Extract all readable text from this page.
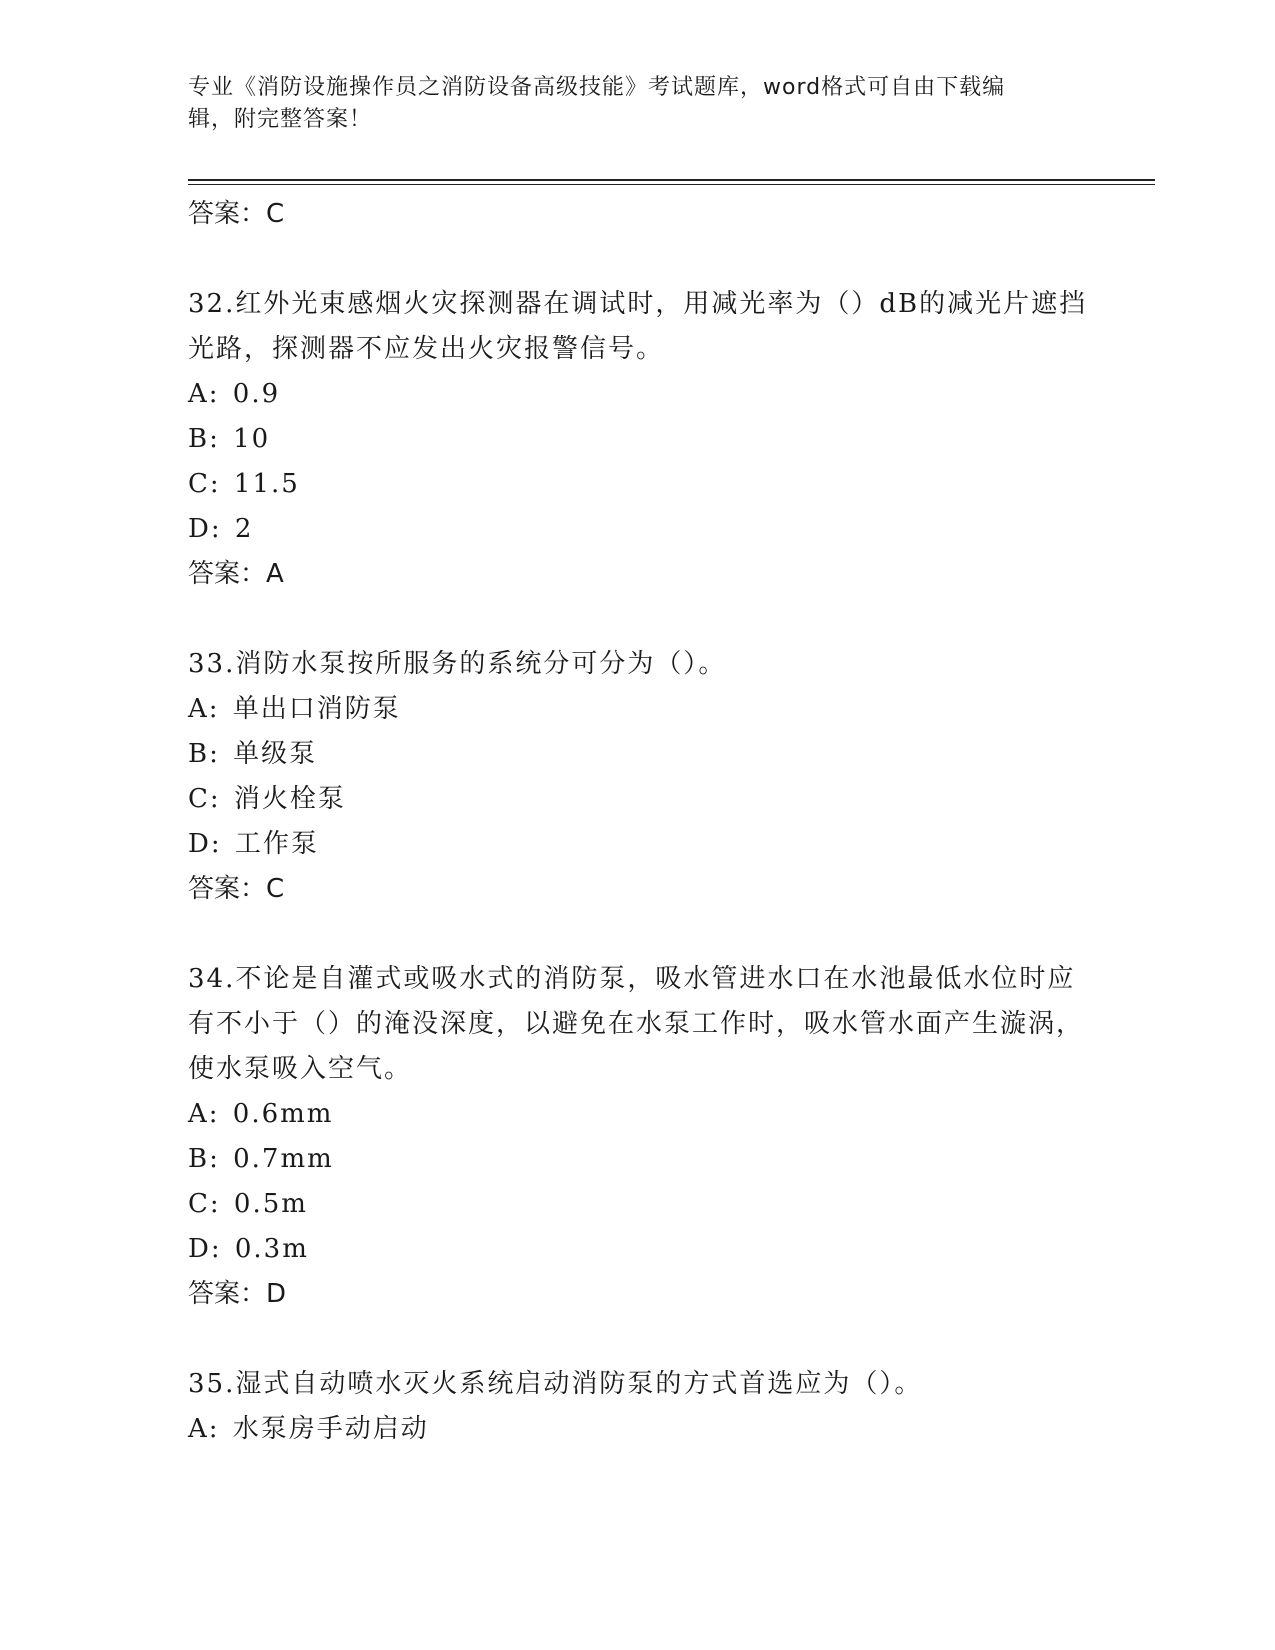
专业《消防设施操作员之消防设备高级技能》考试题库，word格式可自由下载编
辑，附完整答案！
答案：C
32.红外光束感烟火灾探测器在调试时，用减光率为（）dB的减光片遮挡光路，探测器不应发出火灾报警信号。
A: 0.9
B: 10
C: 11.5
D: 2
答案：A
33.消防水泵按所服务的系统分可分为（）。
A: 单出口消防泵
B: 单级泵
C: 消火栓泵
D: 工作泵
答案：C
34.不论是自灌式或吸水式的消防泵，吸水管进水口在水池最低水位时应有不小于（）的淹没深度，以避免在水泵工作时，吸水管水面产生漩涡，使水泵吸入空气。
A: 0.6mm
B: 0.7mm
C: 0.5m
D: 0.3m
答案：D
35.湿式自动喷水灭火系统启动消防泵的方式首选应为（）。
A: 水泵房手动启动
